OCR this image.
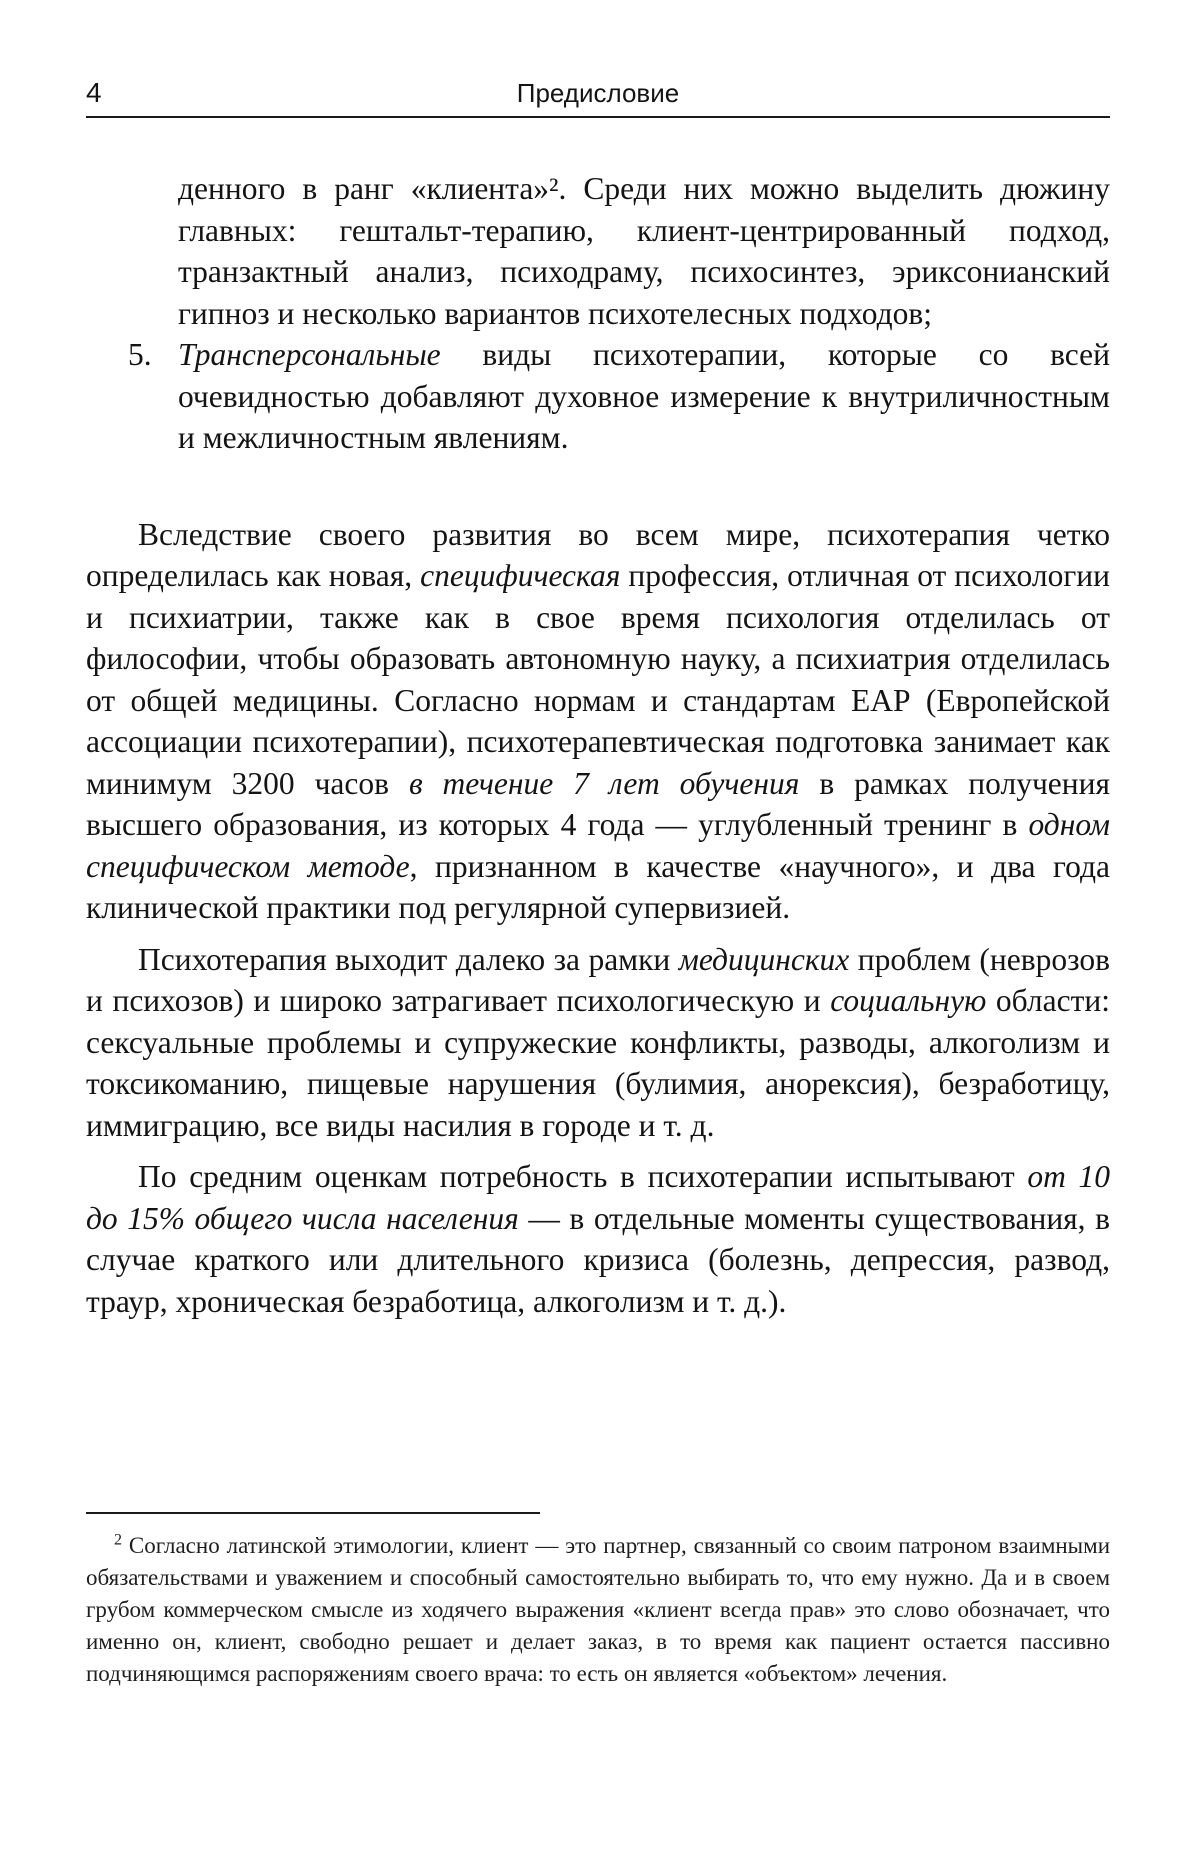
4	Предисловие

денного в ранг «клиента»². Среди них можно выделить дюжину главных: гештальт-терапию, клиент-центрированный подход, транзактный анализ, психодраму, психосинтез, эриксонианский гипноз и несколько вариантов психотелесных подходов;

5. Трансперсональные виды психотерапии, которые со всей очевидностью добавляют духовное измерение к внутриличностным и межличностным явлениям.

Вследствие своего развития во всем мире, психотерапия четко определилась как новая, специфическая профессия, отличная от психологии и психиатрии, также как в свое время психология отделилась от философии, чтобы образовать автономную науку, а психиатрия отделилась от общей медицины. Согласно нормам и стандартам ЕАР (Европейской ассоциации психотерапии), психотерапевтическая подготовка занимает как минимум 3200 часов в течение 7 лет обучения в рамках получения высшего образования, из которых 4 года — углубленный тренинг в одном специфическом методе, признанном в качестве «научного», и два года клинической практики под регулярной супервизией.

Психотерапия выходит далеко за рамки медицинских проблем (неврозов и психозов) и широко затрагивает психологическую и социальную области: сексуальные проблемы и супружеские конфликты, разводы, алкоголизм и токсикоманию, пищевые нарушения (булимия, анорексия), безработицу, иммиграцию, все виды насилия в городе и т. д.

По средним оценкам потребность в психотерапии испытывают от 10 до 15% общего числа населения — в отдельные моменты существования, в случае краткого или длительного кризиса (болезнь, депрессия, развод, траур, хроническая безработица, алкоголизм и т. д.).

$^2$ Согласно латинской этимологии, клиент — это партнер, связанный со своим патроном взаимными обязательствами и уважением и способный самостоятельно выбирать то, что ему нужно. Да и в своем грубом коммерческом смысле из ходячего выражения «клиент всегда прав» это слово обозначает, что именно он, клиент, свободно решает и делает заказ, в то время как пациент остается пассивно подчиняющимся распоряжениям своего врача: то есть он является «объектом» лечения.
